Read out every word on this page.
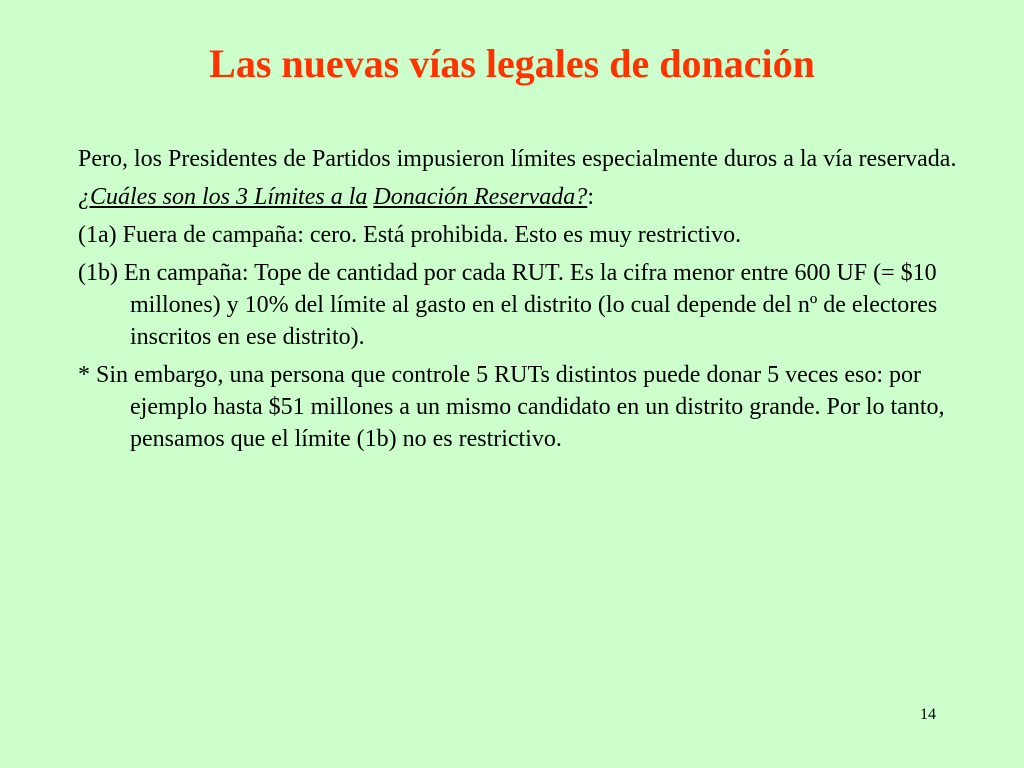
Las nuevas vías legales de donación

Pero, los Presidentes de Partidos impusieron límites especialmente duros a la vía reservada.

¿Cuáles son los 3 Límites a la Donación Reservada?:

(1a) Fuera de campaña: cero. Está prohibida. Esto es muy restrictivo.

(1b) En campaña: Tope de cantidad por cada RUT. Es la cifra menor entre 600 UF (= $10 millones) y 10% del límite al gasto en el distrito (lo cual depende del nº de electores inscritos en ese distrito).

* Sin embargo, una persona que controle 5 RUTs distintos puede donar 5 veces eso: por ejemplo hasta $51 millones a un mismo candidato en un distrito grande. Por lo tanto, pensamos que el límite (1b) no es restrictivo.

14
